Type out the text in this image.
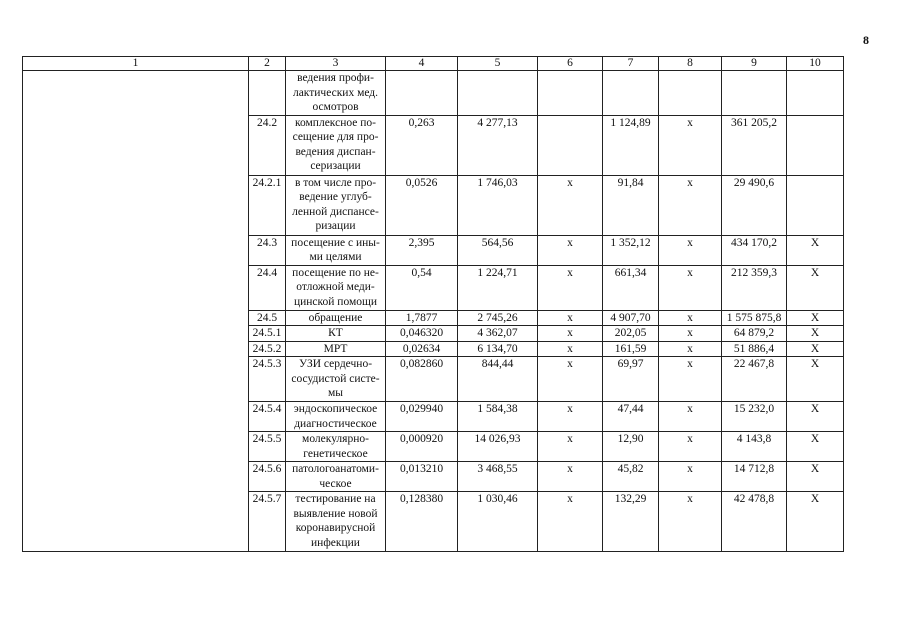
8
1	2	3	4	5	6	7	8	9	10
		ведения профи-
лактических мед.
осмотров							
	24.2	комплексное по-
сещение для про-
ведения диспан-
серизации	0,263	4 277,13		1 124,89	x	361 205,2	
	24.2.1	в том числе про-
ведение углуб-
ленной диспансе-
ризации	0,0526	1 746,03	x	91,84	x	29 490,6	
	24.3	посещение с ины-
ми целями	2,395	564,56	x	1 352,12	x	434 170,2	X
	24.4	посещение по не-
отложной меди-
цинской помощи	0,54	1 224,71	x	661,34	x	212 359,3	X
	24.5	обращение	1,7877	2 745,26	x	4 907,70	x	1 575 875,8	X
	24.5.1	КТ	0,046320	4 362,07	x	202,05	x	64 879,2	X
	24.5.2	МРТ	0,02634	6 134,70	x	161,59	x	51 886,4	X
	24.5.3	УЗИ сердечно-
сосудистой систе-
мы	0,082860	844,44	x	69,97	x	22 467,8	X
	24.5.4	эндоскопическое
диагностическое	0,029940	1 584,38	x	47,44	x	15 232,0	X
	24.5.5	молекулярно-
генетическое	0,000920	14 026,93	x	12,90	x	4 143,8	X
	24.5.6	патологоанатоми-
ческое	0,013210	3 468,55	x	45,82	x	14 712,8	X
	24.5.7	тестирование на
выявление новой
коронавирусной
инфекции	0,128380	1 030,46	x	132,29	x	42 478,8	X
